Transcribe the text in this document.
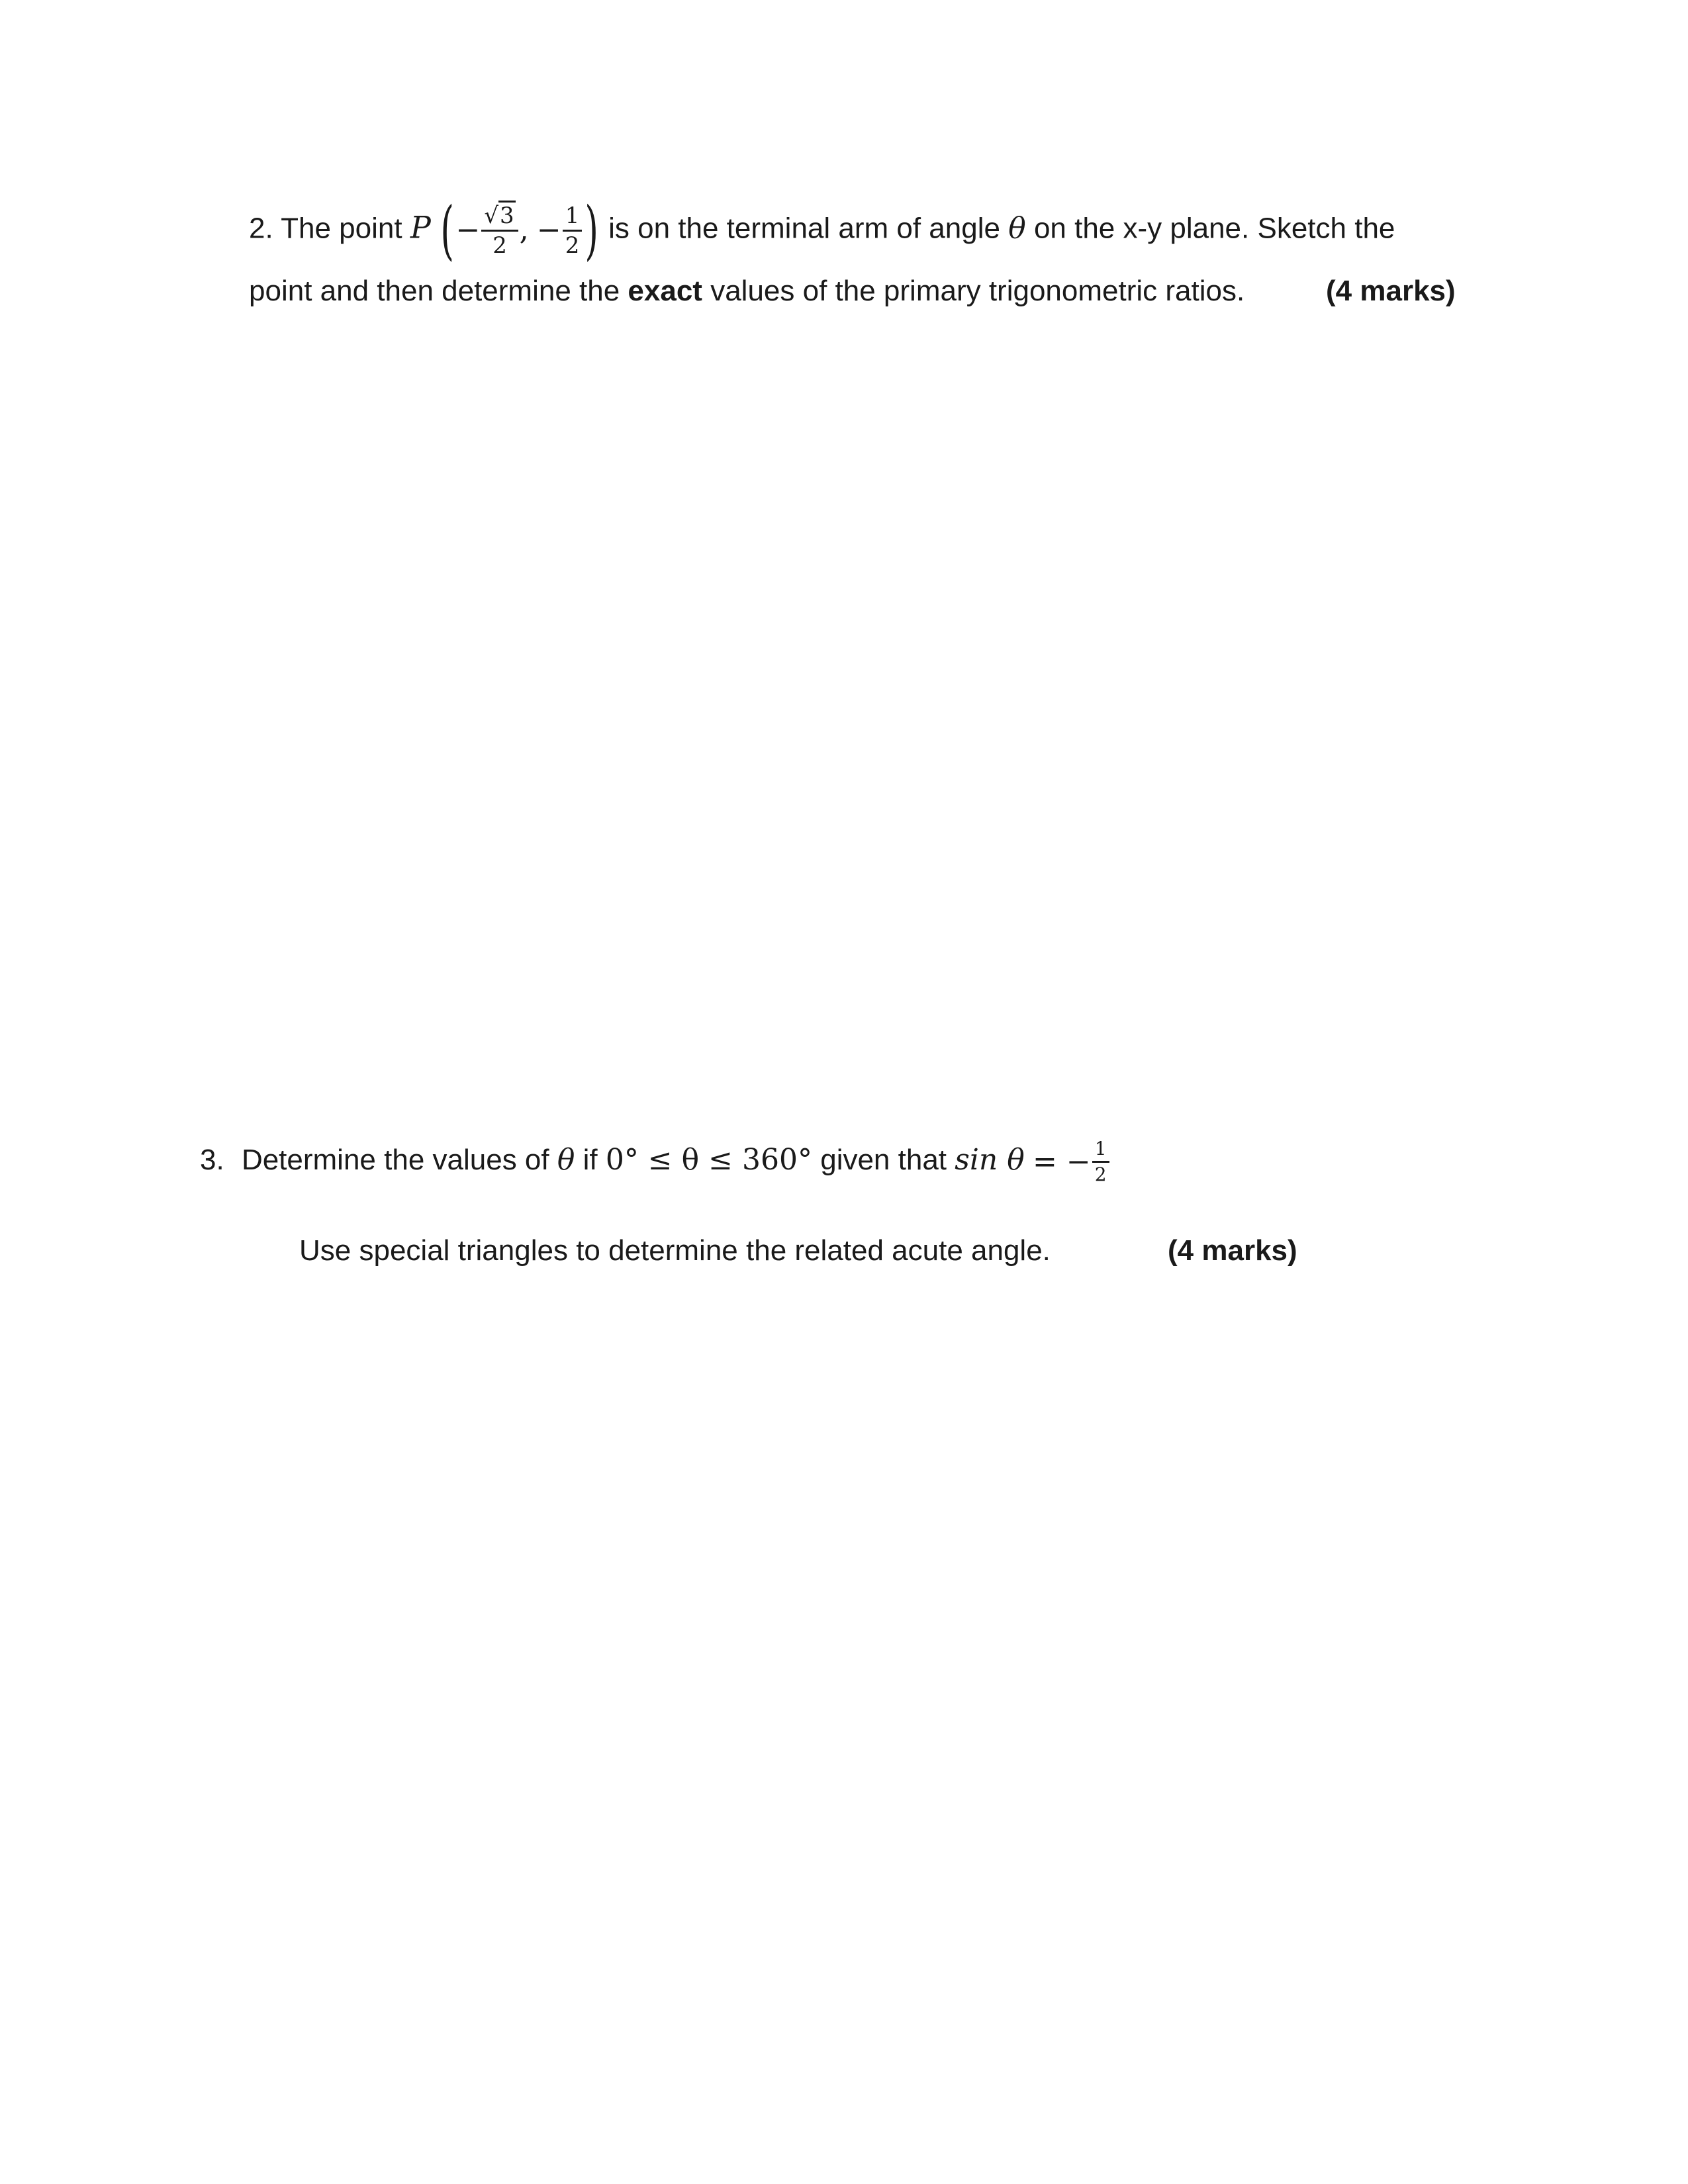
2. The point P (− $\frac{√3}{2}$ , − $\frac{1}{2}$ ) is on the terminal arm of angle θ on the x-y plane. Sketch the
point and then determine the exact values of the primary trigonometric ratios.	(4 marks)
3. Determine the values of θ if 0° ≤ θ ≤ 360° given that sin θ = − $\frac{1}{2}$
Use special triangles to determine the related acute angle.	(4 marks)
